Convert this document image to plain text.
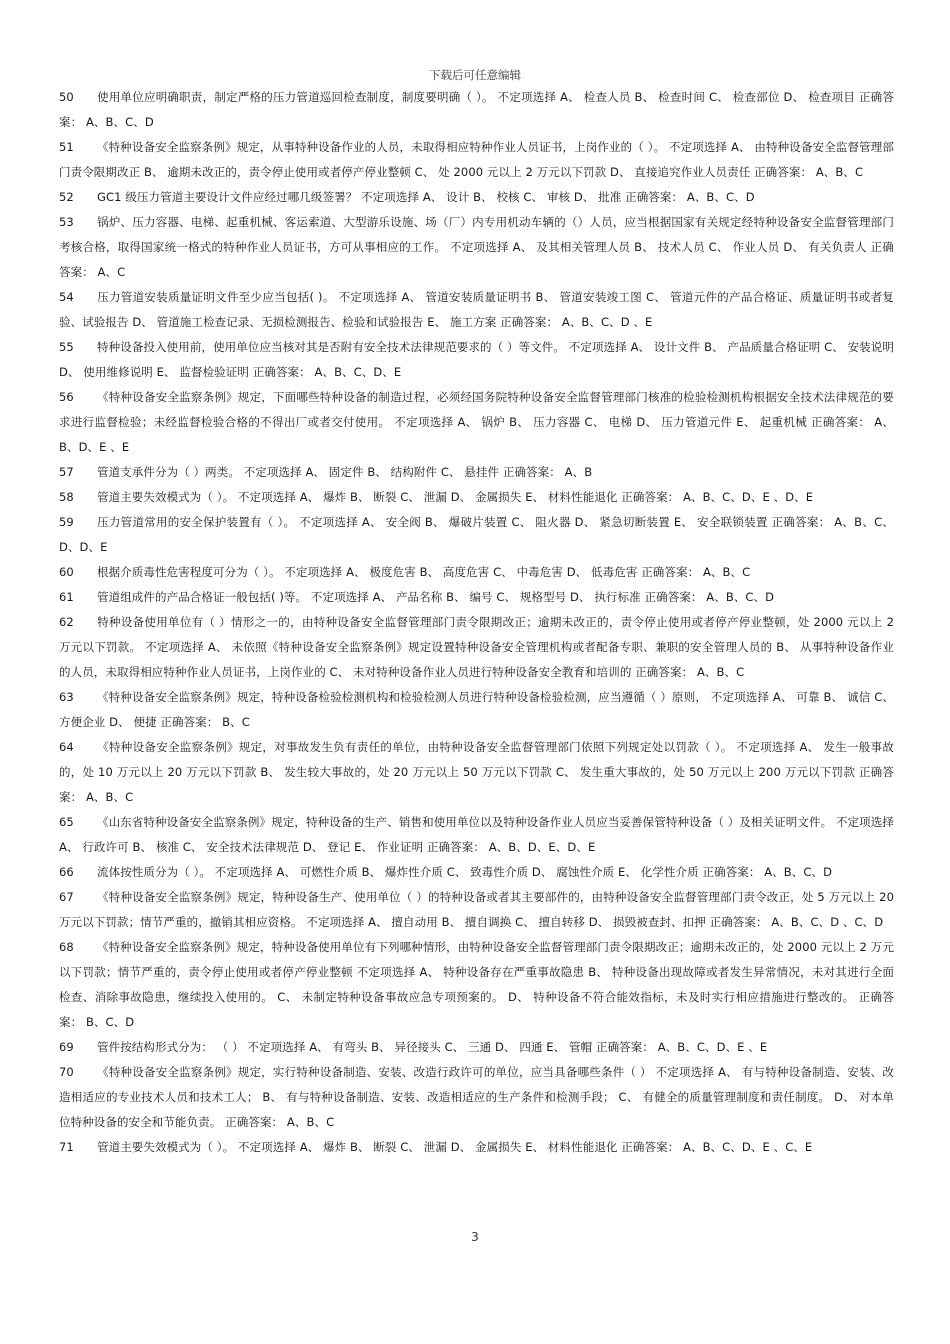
下载后可任意编辑

50 使用单位应明确职责，制定严格的压力管道巡回检查制度，制度要明确（ ）。 不定项选择 A、 检查人员 B、 检查时间 C、 检查部位 D、 检查项目 正确答案： A、B、C、D

51 《特种设备安全监察条例》规定，从事特种设备作业的人员，未取得相应特种作业人员证书，上岗作业的（ ）。 不定项选择 A、 由特种设备安全监督管理部门责令限期改正 B、 逾期未改正的，责令停止使用或者停产停业整顿 C、 处 2000 元以上 2 万元以下罚款 D、 直接追究作业人员责任 正确答案： A、B、C

52 GC1 级压力管道主要设计文件应经过哪几级签署？ 不定项选择 A、 设计 B、 校核 C、 审核 D、 批准 正确答案： A、B、C、D

53 锅炉、压力容器、电梯、起重机械、客运索道、大型游乐设施、场（厂）内专用机动车辆的（）人员，应当根据国家有关规定经特种设备安全监督管理部门考核合格，取得国家统一格式的特种作业人员证书，方可从事相应的工作。 不定项选择 A、 及其相关管理人员 B、 技术人员 C、 作业人员 D、 有关负责人 正确答案： A、C

54 压力管道安装质量证明文件至少应当包括( )。 不定项选择 A、 管道安装质量证明书 B、 管道安装竣工图 C、 管道元件的产品合格证、质量证明书或者复验、试验报告 D、 管道施工检查记录、无损检测报告、检验和试验报告 E、 施工方案 正确答案： A、B、C、D 、E

55 特种设备投入使用前，使用单位应当核对其是否附有安全技术法律规范要求的（ ）等文件。 不定项选择 A、 设计文件 B、 产品质量合格证明 C、 安装说明 D、 使用维修说明 E、 监督检验证明 正确答案： A、B、C、D、E

56 《特种设备安全监察条例》规定，下面哪些特种设备的制造过程，必须经国务院特种设备安全监督管理部门核准的检验检测机构根据安全技术法律规范的要求进行监督检验；未经监督检验合格的不得出厂或者交付使用。 不定项选择 A、 锅炉 B、 压力容器 C、 电梯 D、 压力管道元件 E、 起重机械 正确答案： A、B、D、E 、E

57 管道支承件分为（ ）两类。 不定项选择 A、 固定件 B、 结构附件 C、 悬挂件 正确答案： A、B

58 管道主要失效模式为（ ）。 不定项选择 A、 爆炸 B、 断裂 C、 泄漏 D、 金属损失 E、 材料性能退化 正确答案： A、B、C、D、E 、D、E

59 压力管道常用的安全保护装置有（ ）。 不定项选择 A、 安全阀 B、 爆破片装置 C、 阻火器 D、 紧急切断装置 E、 安全联锁装置 正确答案： A、B、C、D、D、E

60 根据介质毒性危害程度可分为（ ）。 不定项选择 A、 极度危害 B、 高度危害 C、 中毒危害 D、 低毒危害 正确答案： A、B、C

61 管道组成件的产品合格证一般包括( )等。 不定项选择 A、 产品名称 B、 编号 C、 规格型号 D、 执行标准 正确答案： A、B、C、D

62 特种设备使用单位有（ ）情形之一的，由特种设备安全监督管理部门责令限期改正；逾期未改正的，责令停止使用或者停产停业整顿，处 2000 元以上 2 万元以下罚款。 不定项选择 A、 未依照《特种设备安全监察条例》规定设置特种设备安全管理机构或者配备专职、兼职的安全管理人员的 B、 从事特种设备作业的人员，未取得相应特种作业人员证书，上岗作业的 C、 未对特种设备作业人员进行特种设备安全教育和培训的 正确答案： A、B、C

63 《特种设备安全监察条例》规定，特种设备检验检测机构和检验检测人员进行特种设备检验检测，应当遵循（ ）原则， 不定项选择 A、 可靠 B、 诚信 C、 方便企业 D、 便捷 正确答案： B、C

64 《特种设备安全监察条例》规定，对事故发生负有责任的单位，由特种设备安全监督管理部门依照下列规定处以罚款（ ）。 不定项选择 A、 发生一般事故的，处 10 万元以上 20 万元以下罚款 B、 发生较大事故的，处 20 万元以上 50 万元以下罚款 C、 发生重大事故的，处 50 万元以上 200 万元以下罚款 正确答案： A、B、C

65 《山东省特种设备安全监察条例》规定，特种设备的生产、销售和使用单位以及特种设备作业人员应当妥善保管特种设备（ ）及相关证明文件。 不定项选择 A、 行政许可 B、 核准 C、 安全技术法律规范 D、 登记 E、 作业证明 正确答案： A、B、D、E、D、E

66 流体按性质分为（ ）。 不定项选择 A、 可燃性介质 B、 爆炸性介质 C、 致毒性介质 D、 腐蚀性介质 E、 化学性介质 正确答案： A、B、C、D

67 《特种设备安全监察条例》规定，特种设备生产、使用单位（ ）的特种设备或者其主要部件的，由特种设备安全监督管理部门责令改正，处 5 万元以上 20 万元以下罚款；情节严重的，撤销其相应资格。 不定项选择 A、 擅自动用 B、 擅自调换 C、 擅自转移 D、 损毁被查封、扣押 正确答案： A、B、C、D 、C、D

68 《特种设备安全监察条例》规定，特种设备使用单位有下列哪种情形，由特种设备安全监督管理部门责令限期改正；逾期未改正的，处 2000 元以上 2 万元以下罚款；情节严重的，责令停止使用或者停产停业整顿 不定项选择 A、 特种设备存在严重事故隐患 B、 特种设备出现故障或者发生异常情况，未对其进行全面检查、消除事故隐患，继续投入使用的。 C、 未制定特种设备事故应急专项预案的。 D、 特种设备不符合能效指标，未及时实行相应措施进行整改的。 正确答案： B、C、D

69 管件按结构形式分为： （ ） 不定项选择 A、 有弯头 B、 异径接头 C、 三通 D、 四通 E、 管帽 正确答案： A、B、C、D、E 、E

70 《特种设备安全监察条例》规定，实行特种设备制造、安装、改造行政许可的单位，应当具备哪些条件（ ） 不定项选择 A、 有与特种设备制造、安装、改造相适应的专业技术人员和技术工人； B、 有与特种设备制造、安装、改造相适应的生产条件和检测手段； C、 有健全的质量管理制度和责任制度。 D、 对本单位特种设备的安全和节能负责。 正确答案： A、B、C

71 管道主要失效模式为（ ）。 不定项选择 A、 爆炸 B、 断裂 C、 泄漏 D、 金属损失 E、 材料性能退化 正确答案： A、B、C、D、E 、C、E

3
